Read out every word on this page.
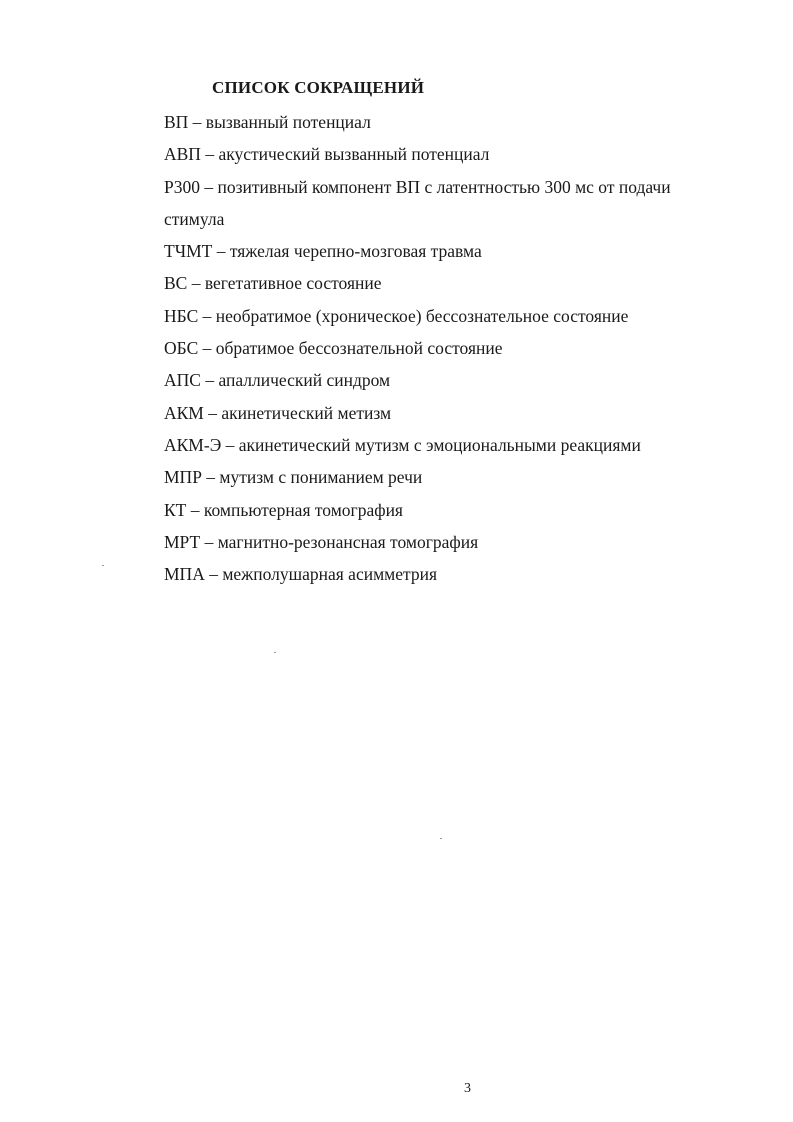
СПИСОК СОКРАЩЕНИЙ
ВП – вызванный потенциал
АВП – акустический вызванный потенциал
Р300 – позитивный компонент ВП с латентностью 300 мс от подачи стимула
ТЧМТ – тяжелая черепно-мозговая травма
ВС – вегетативное состояние
НБС – необратимое (хроническое) бессознательное состояние
ОБС – обратимое бессознательной состояние
АПС – апаллический синдром
АКМ – акинетический метизм
АКМ-Э – акинетический мутизм с эмоциональными реакциями
МПР – мутизм с пониманием речи
КТ – компьютерная томография
МРТ – магнитно-резонансная томография
МПА – межполушарная асимметрия
3
